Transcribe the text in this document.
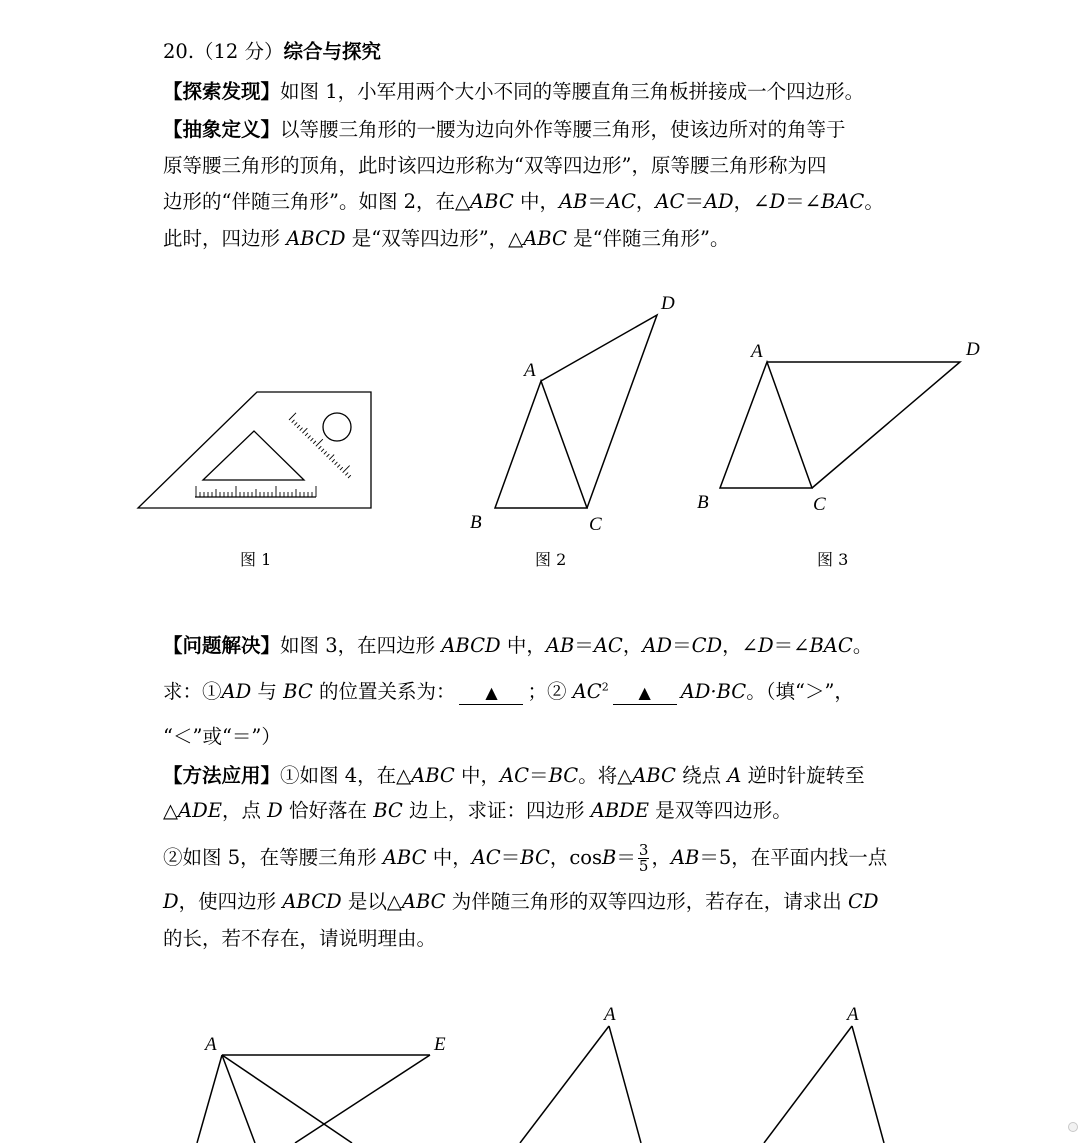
20.（12 分）综合与探究
【探索发现】如图 1，小军用两个大小不同的等腰直角三角板拼接成一个四边形。
【抽象定义】以等腰三角形的一腰为边向外作等腰三角形，使该边所对的角等于
原等腰三角形的顶角，此时该四边形称为“双等四边形”，原等腰三角形称为四
边形的“伴随三角形”。如图 2，在△ABC 中，AB＝AC，AC＝AD，∠D＝∠BAC。
此时，四边形 ABCD 是“双等四边形”，△ABC 是“伴随三角形”。
A
B	C
D
A
B	C
D
图 1	图 2	图 3
【问题解决】如图 3，在四边形 ABCD 中，AB＝AC，AD＝CD，∠D＝∠BAC。
求：①AD 与 BC 的位置关系为： ▲ ；② $AC^2$ ▲ AD·BC。（填“＞”，
“＜”或“＝”）
【方法应用】①如图 4，在△ABC 中，AC＝BC。将△ABC 绕点 A 逆时针旋转至
△ADE，点 D 恰好落在 BC 边上，求证：四边形 ABDE 是双等四边形。
②如图 5，在等腰三角形 ABC 中，AC＝BC，$\cos B= \frac{3}{5}$ ，AB＝5，在平面内找一点
D，使四边形 ABCD 是以△ABC 为伴随三角形的双等四边形，若存在，请求出 CD
的长，若不存在，请说明理由。
A	E
A	A
